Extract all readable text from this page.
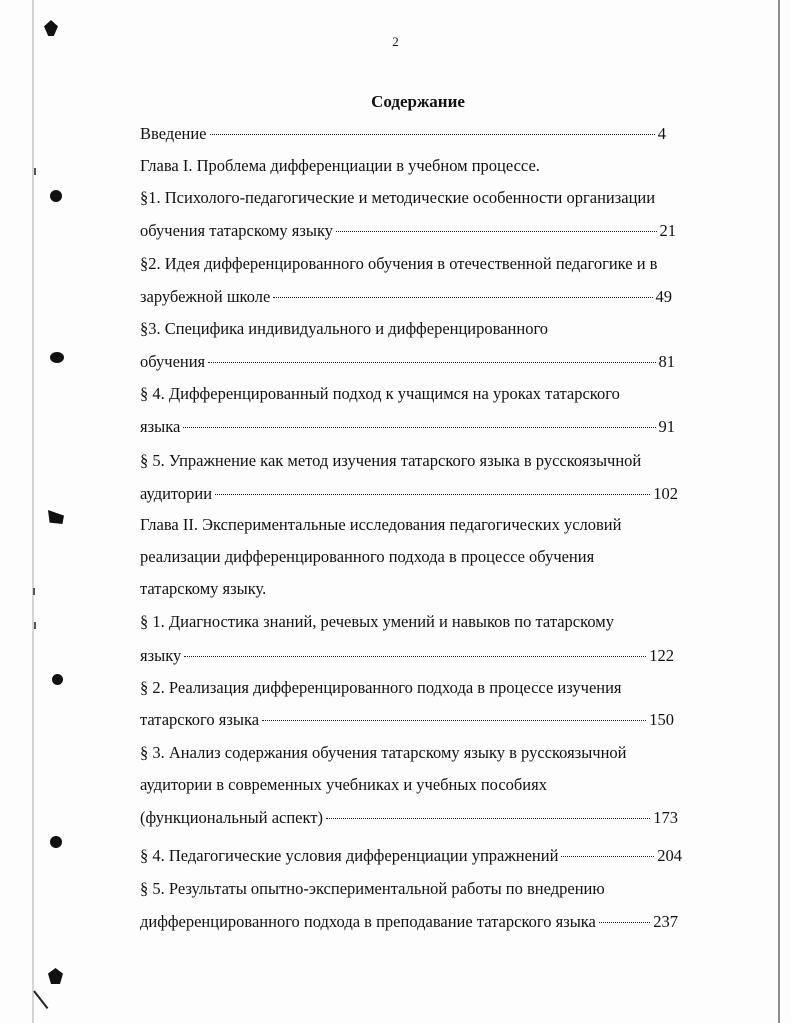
2
Содержание
Введение	4
Глава I. Проблема дифференциации в учебном процессе.
§1. Психолого-педагогические и методические особенности организации
обучения татарскому языку	21
§2. Идея дифференцированного обучения в отечественной педагогике и в
зарубежной школе	49
§3. Специфика индивидуального и дифференцированного
обучения	81
§ 4. Дифференцированный подход к учащимся на уроках татарского
языка	91
§ 5. Упражнение как метод изучения татарского языка в русскоязычной
аудитории	102
Глава II. Экспериментальные исследования педагогических условий
реализации дифференцированного подхода в процессе обучения
татарскому языку.
§ 1. Диагностика знаний, речевых умений и навыков по татарскому
языку	122
§ 2. Реализация дифференцированного подхода в процессе изучения
татарского языка	150
§ 3. Анализ содержания обучения татарскому языку в русскоязычной
аудитории в современных учебниках и учебных пособиях
(функциональный аспект)	173
§ 4. Педагогические условия дифференциации упражнений	204
§ 5. Результаты опытно-экспериментальной работы по внедрению
дифференцированного подхода в преподавание татарского языка	237
